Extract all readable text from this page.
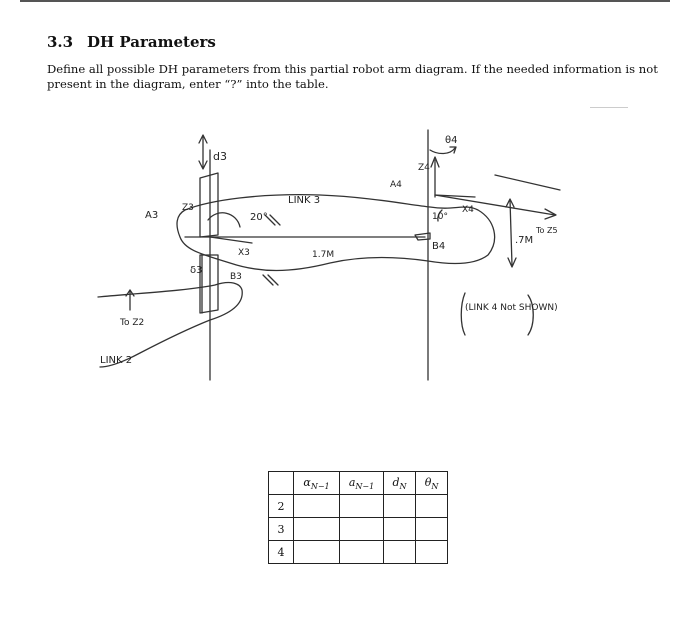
3.3 DH Parameters
Define all possible DH parameters from this partial robot arm diagram. If the needed information is not present in the diagram, enter “?” into the table.
d3
Z3
A3
δ3
B3
X3
20°
LINK 3
1.7M
θ4
Z4
A4
X4
10°
B4
.7M
To Z5
(LINK 4 Not SHOWN)
To Z2
LINK 2
	$\alpha_{N-1}$	$a_{N-1}$	$d_N$	$\theta_N$
2				
3				
4				
